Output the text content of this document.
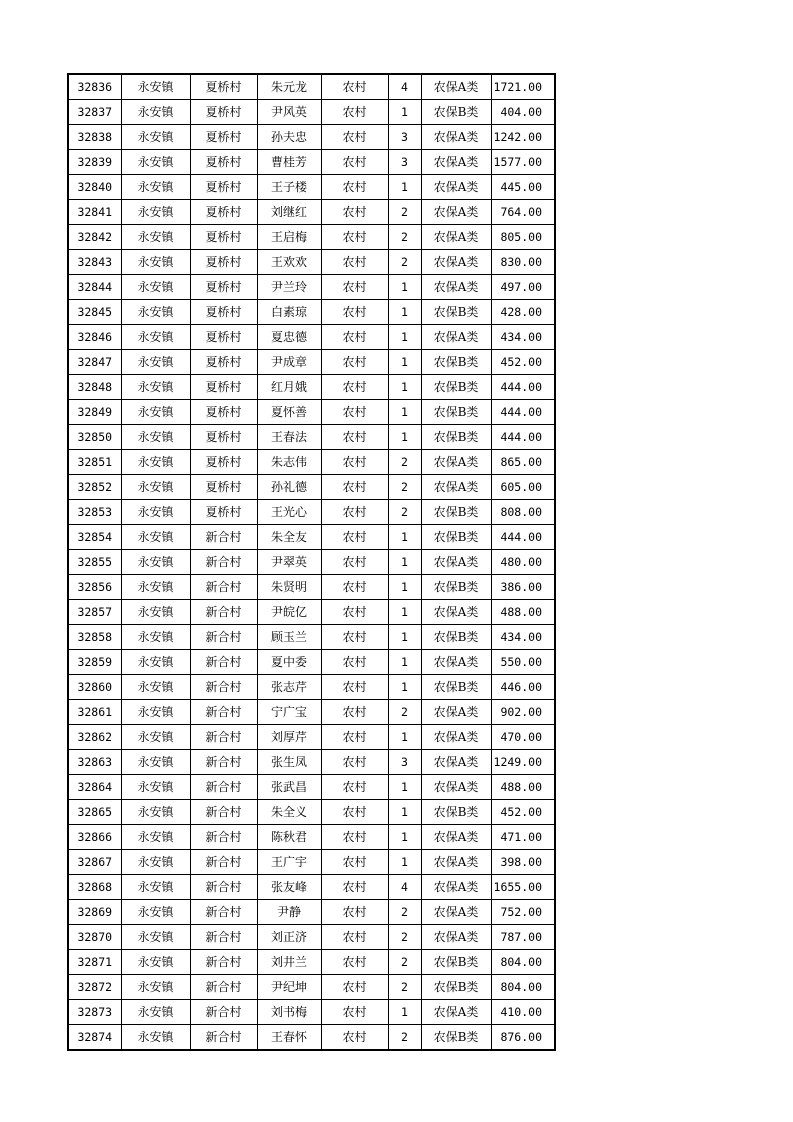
32836	永安镇	夏桥村	朱元龙	农村	4	农保A类	1721.00
32837	永安镇	夏桥村	尹风英	农村	1	农保B类	404.00
32838	永安镇	夏桥村	孙夫忠	农村	3	农保A类	1242.00
32839	永安镇	夏桥村	曹桂芳	农村	3	农保A类	1577.00
32840	永安镇	夏桥村	王子楼	农村	1	农保A类	445.00
32841	永安镇	夏桥村	刘继红	农村	2	农保A类	764.00
32842	永安镇	夏桥村	王启梅	农村	2	农保A类	805.00
32843	永安镇	夏桥村	王欢欢	农村	2	农保A类	830.00
32844	永安镇	夏桥村	尹兰玲	农村	1	农保A类	497.00
32845	永安镇	夏桥村	白素琼	农村	1	农保B类	428.00
32846	永安镇	夏桥村	夏忠德	农村	1	农保A类	434.00
32847	永安镇	夏桥村	尹成章	农村	1	农保B类	452.00
32848	永安镇	夏桥村	红月娥	农村	1	农保B类	444.00
32849	永安镇	夏桥村	夏怀善	农村	1	农保B类	444.00
32850	永安镇	夏桥村	王春法	农村	1	农保B类	444.00
32851	永安镇	夏桥村	朱志伟	农村	2	农保A类	865.00
32852	永安镇	夏桥村	孙礼德	农村	2	农保A类	605.00
32853	永安镇	夏桥村	王光心	农村	2	农保B类	808.00
32854	永安镇	新合村	朱全友	农村	1	农保B类	444.00
32855	永安镇	新合村	尹翠英	农村	1	农保A类	480.00
32856	永安镇	新合村	朱贤明	农村	1	农保B类	386.00
32857	永安镇	新合村	尹皖亿	农村	1	农保A类	488.00
32858	永安镇	新合村	顾玉兰	农村	1	农保B类	434.00
32859	永安镇	新合村	夏中委	农村	1	农保A类	550.00
32860	永安镇	新合村	张志芹	农村	1	农保B类	446.00
32861	永安镇	新合村	宁广宝	农村	2	农保A类	902.00
32862	永安镇	新合村	刘厚芹	农村	1	农保A类	470.00
32863	永安镇	新合村	张生凤	农村	3	农保A类	1249.00
32864	永安镇	新合村	张武昌	农村	1	农保A类	488.00
32865	永安镇	新合村	朱全义	农村	1	农保B类	452.00
32866	永安镇	新合村	陈秋君	农村	1	农保A类	471.00
32867	永安镇	新合村	王广宇	农村	1	农保A类	398.00
32868	永安镇	新合村	张友峰	农村	4	农保A类	1655.00
32869	永安镇	新合村	尹静	农村	2	农保A类	752.00
32870	永安镇	新合村	刘正济	农村	2	农保A类	787.00
32871	永安镇	新合村	刘井兰	农村	2	农保B类	804.00
32872	永安镇	新合村	尹纪坤	农村	2	农保B类	804.00
32873	永安镇	新合村	刘书梅	农村	1	农保A类	410.00
32874	永安镇	新合村	王春怀	农村	2	农保B类	876.00
